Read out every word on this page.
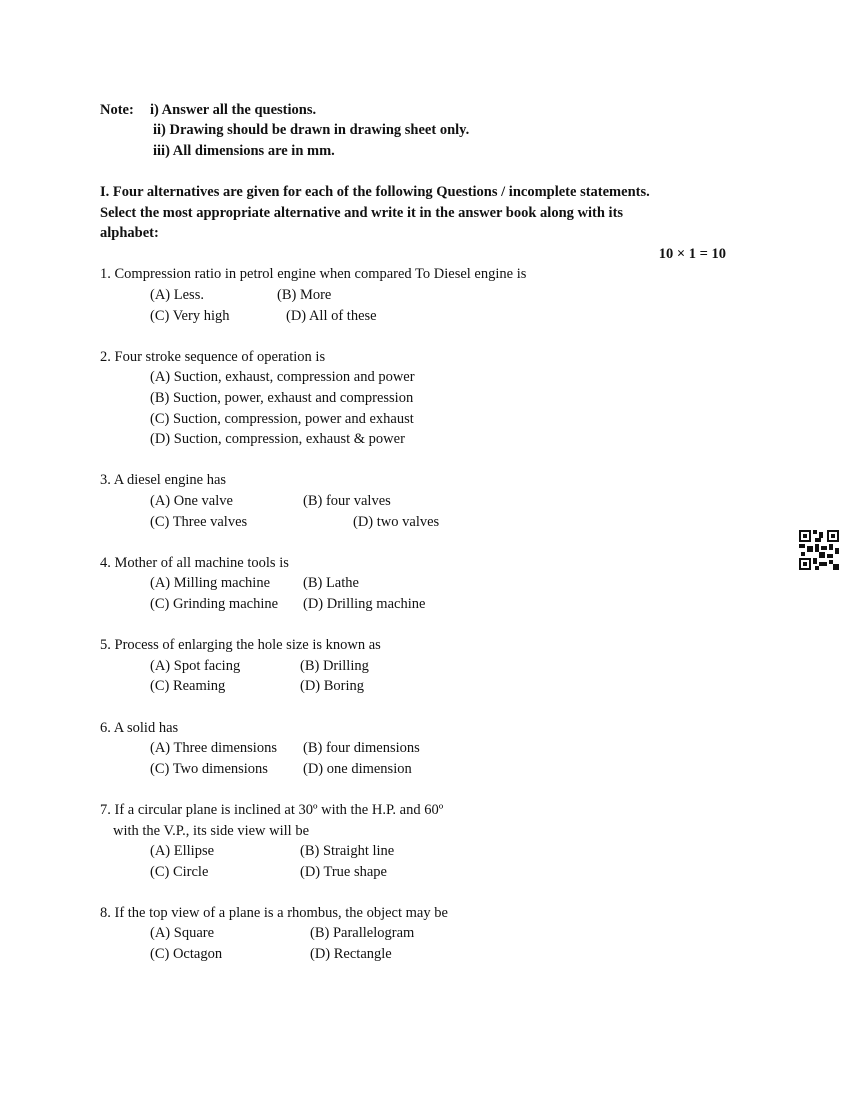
Note: i) Answer all the questions.
ii) Drawing should be drawn in drawing sheet only.
iii) All dimensions are in mm.
I. Four alternatives are given for each of the following Questions / incomplete statements.
Select the most appropriate alternative and write it in the answer book along with its
alphabet:
10 × 1 = 10
1. Compression ratio in petrol engine when compared To Diesel engine is
(A) Less.	(B) More
(C) Very high	(D) All of these
2. Four stroke sequence of operation is
(A) Suction, exhaust, compression and power
(B) Suction, power, exhaust and compression
(C) Suction, compression, power and exhaust
(D) Suction, compression, exhaust & power
3. A diesel engine has
(A) One valve	(B) four valves
(C) Three valves	(D) two valves
4. Mother of all machine tools is
(A) Milling machine (B) Lathe
(C) Grinding machine (D) Drilling machine
5. Process of enlarging the hole size is known as
(A) Spot facing	(B) Drilling
(C) Reaming	(D) Boring
6. A solid has
(A) Three dimensions (B) four dimensions
(C) Two dimensions (D) one dimension
7. If a circular plane is inclined at 30º with the H.P. and 60º
with the V.P., its side view will be
(A) Ellipse	(B) Straight line
(C) Circle	(D) True shape
8. If the top view of a plane is a rhombus, the object may be
(A) Square	(B) Parallelogram
(C) Octagon	(D) Rectangle
